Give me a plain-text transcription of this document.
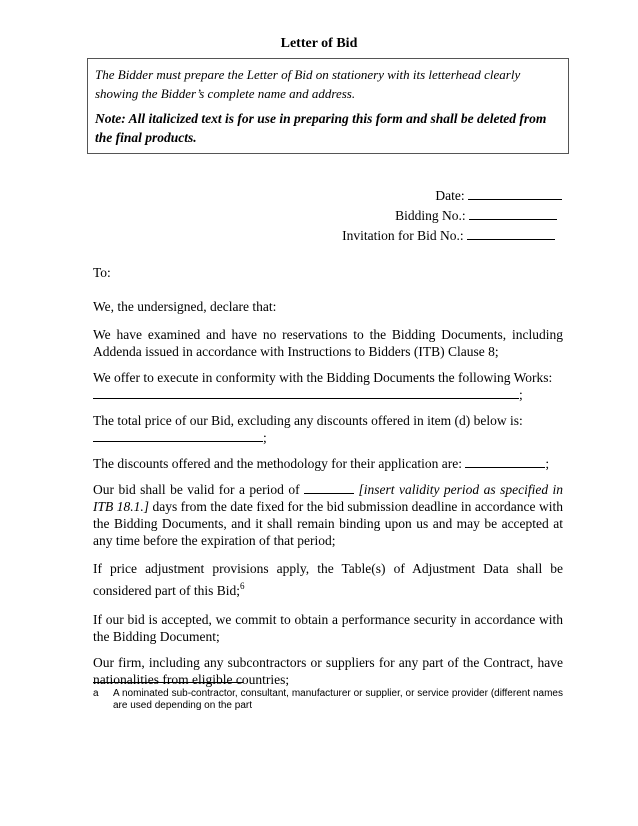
Letter of Bid

The Bidder must prepare the Letter of Bid on stationery with its letterhead clearly showing the Bidder’s complete name and address.

Note: All italicized text is for use in preparing this form and shall be deleted from the final products.

Date:
Bidding No.:
Invitation for Bid No.:

To:

We, the undersigned, declare that:

We have examined and have no reservations to the Bidding Documents, including Addenda issued in accordance with Instructions to Bidders (ITB) Clause 8;

We offer to execute in conformity with the Bidding Documents the following Works:
;

The total price of our Bid, excluding any discounts offered in item (d) below is:
;

The discounts offered and the methodology for their application are:	;

Our bid shall be valid for a period of	[insert validity period as specified in ITB 18.1.] days from the date fixed for the bid submission deadline in accordance with the Bidding Documents, and it shall remain binding upon us and may be accepted at any time before the expiration of that period;

If price adjustment provisions apply, the Table(s) of Adjustment Data shall be considered part of this Bid;$^6$

If our bid is accepted, we commit to obtain a performance security in accordance with the Bidding Document;

Our firm, including any subcontractors or suppliers for any part of the Contract, have nationalities from eligible countries;

a A nominated sub-contractor, consultant, manufacturer or supplier, or service provider (different names are used depending on the part
